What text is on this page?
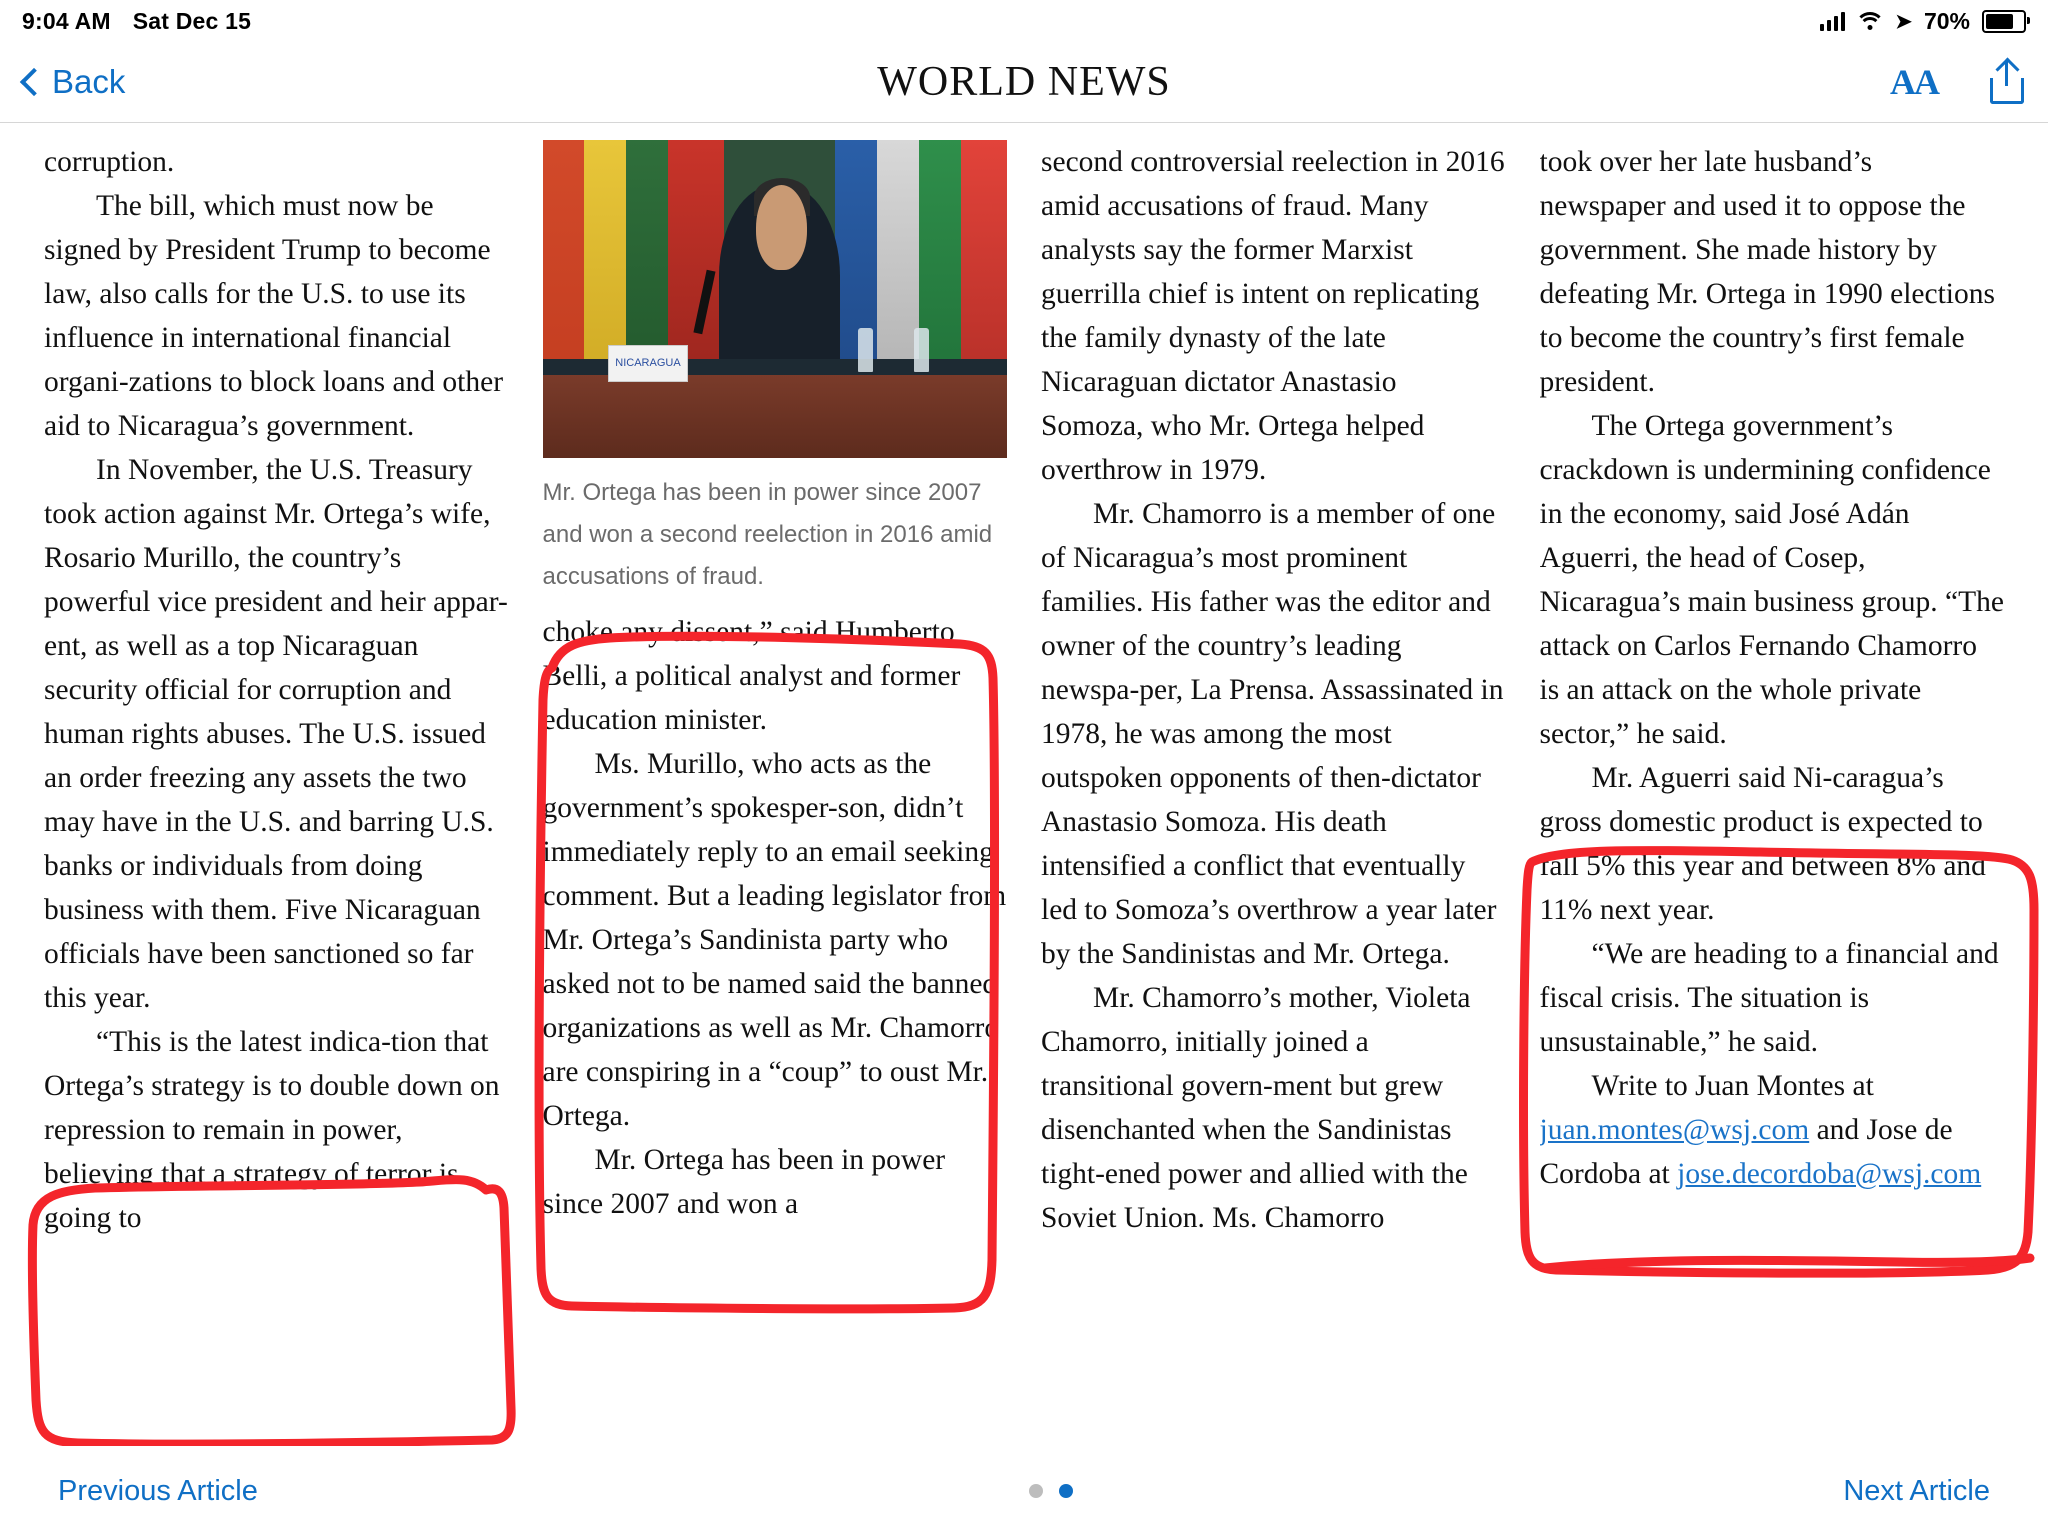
9:04 AM Sat Dec 15	➤ 70%
Back	WORLD NEWS	AA

corruption.

The bill, which must now be signed by President Trump to become law, also calls for the U.S. to use its influence in international financial organi-zations to block loans and other aid to Nicaragua’s government.

In November, the U.S. Treasury took action against Mr. Ortega’s wife, Rosario Murillo, the country’s powerful vice president and heir appar-ent, as well as a top Nicaraguan security official for corruption and human rights abuses. The U.S. issued an order freezing any assets the two may have in the U.S. and barring U.S. banks or individuals from doing business with them. Five Nicaraguan officials have been sanctioned so far this year.

“This is the latest indica-tion that Ortega’s strategy is to double down on repression to remain in power, believing that a strategy of terror is going to

NICARAGUA
Mr. Ortega has been in power since 2007 and won a second reelection in 2016 amid accusations of fraud.

choke any dissent,” said Humberto Belli, a political analyst and former education minister.

Ms. Murillo, who acts as the government’s spokesper-son, didn’t immediately reply to an email seeking comment. But a leading legislator from Mr. Ortega’s Sandinista party who asked not to be named said the banned organizations as well as Mr. Chamorro are conspiring in a “coup” to oust Mr. Ortega.

Mr. Ortega has been in power since 2007 and won a

second controversial reelection in 2016 amid accusations of fraud. Many analysts say the former Marxist guerrilla chief is intent on replicating the family dynasty of the late Nicaraguan dictator Anastasio Somoza, who Mr. Ortega helped overthrow in 1979.

Mr. Chamorro is a member of one of Nicaragua’s most prominent families. His father was the editor and owner of the country’s leading newspa-per, La Prensa. Assassinated in 1978, he was among the most outspoken opponents of then-dictator Anastasio Somoza. His death intensified a conflict that eventually led to Somoza’s overthrow a year later by the Sandinistas and Mr. Ortega.

Mr. Chamorro’s mother, Violeta Chamorro, initially joined a transitional govern-ment but grew disenchanted when the Sandinistas tight-ened power and allied with the Soviet Union. Ms. Chamorro

took over her late husband’s newspaper and used it to oppose the government. She made history by defeating Mr. Ortega in 1990 elections to become the country’s first female president.

The Ortega government’s crackdown is undermining confidence in the economy, said José Adán Aguerri, the head of Cosep, Nicaragua’s main business group. “The attack on Carlos Fernando Chamorro is an attack on the whole private sector,” he said.

Mr. Aguerri said Ni-caragua’s gross domestic product is expected to fall 5% this year and between 8% and 11% next year.

“We are heading to a financial and fiscal crisis. The situation is unsustainable,” he said.

Write to Juan Montes at juan.montes@wsj.com and Jose de Cordoba at jose.decordoba@wsj.com

Previous Article	Next Article
